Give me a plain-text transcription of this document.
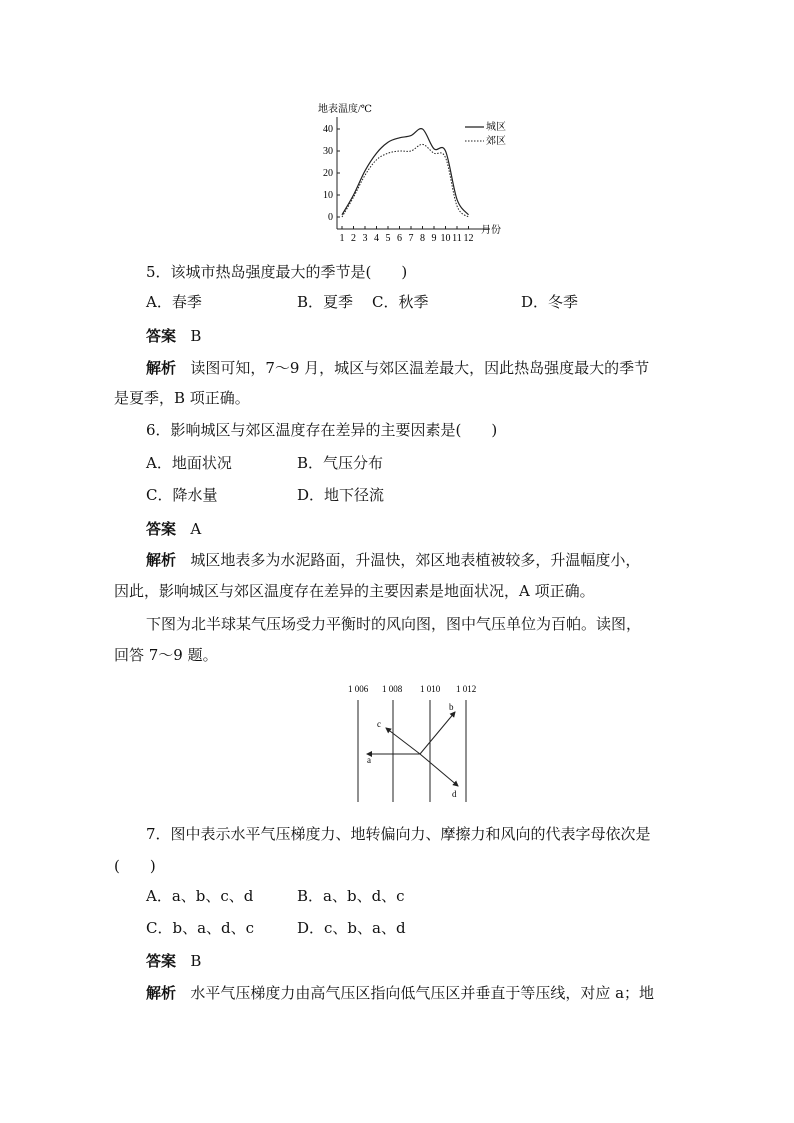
地表温度/℃
0
10
20
30
40
1 2 3 4 5 6 7 8 9 10 11 12
月份
城区
郊区
5．该城市热岛强度最大的季节是(　　)
A．春季	B．夏季 C．秋季	D．冬季
答案 B
解析 读图可知，7～9 月，城区与郊区温差最大，因此热岛强度最大的季节
是夏季，B 项正确。
6．影响城区与郊区温度存在差异的主要因素是(　　)
A．地面状况	B．气压分布
C．降水量	D．地下径流
答案 A
解析 城区地表多为水泥路面，升温快，郊区地表植被较多，升温幅度小，
因此，影响城区与郊区温度存在差异的主要因素是地面状况，A 项正确。
下图为北半球某气压场受力平衡时的风向图，图中气压单位为百帕。读图，
回答 7～9 题。
1 006 1 008 1 010 1 012
a
b
c
d
7．图中表示水平气压梯度力、地转偏向力、摩擦力和风向的代表字母依次是
(　　)
A．a、b、c、d	B．a、b、d、c
C．b、a、d、c	D．c、b、a、d
答案 B
解析 水平气压梯度力由高气压区指向低气压区并垂直于等压线，对应 a；地
